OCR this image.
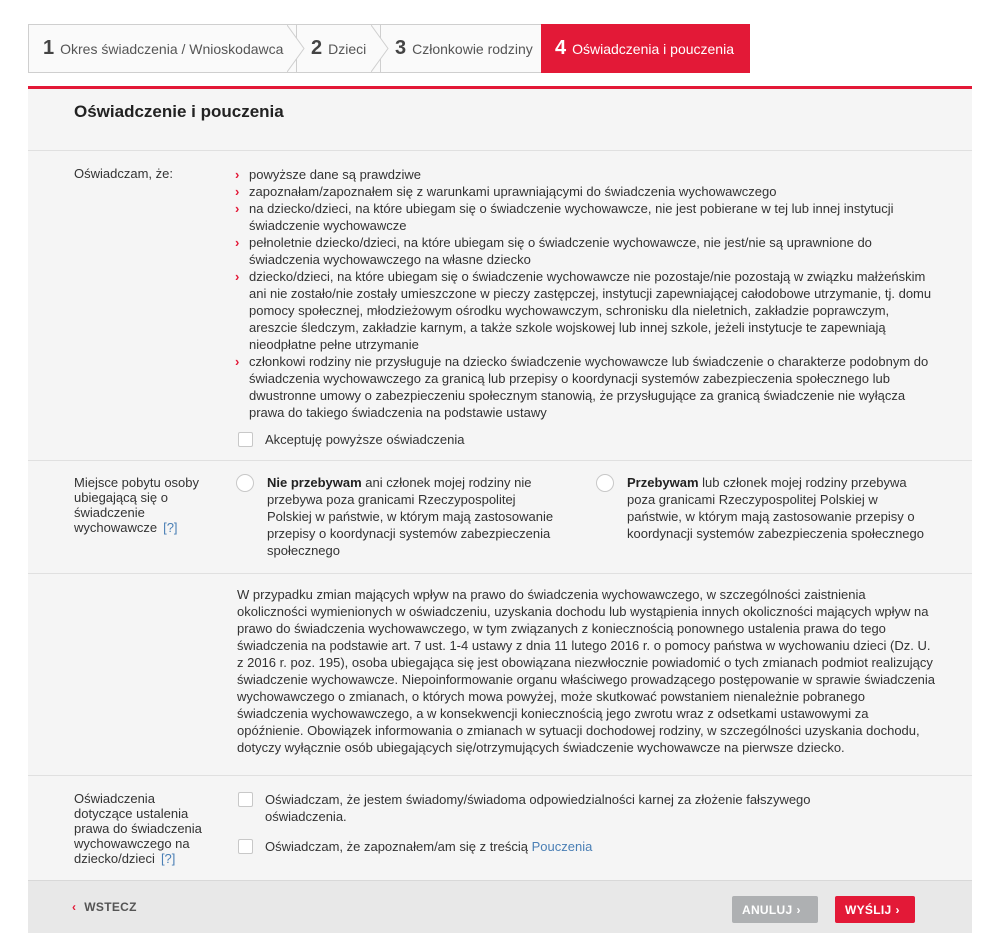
1 Okres świadczenia / Wnioskodawca 2 Dzieci 3 Członkowie rodziny 4 Oświadczenia i pouczenia
Oświadczenie i pouczenia
Oświadczam, że:	› powyższe dane są prawdziwe
› zapoznałam/zapoznałem się z warunkami uprawniającymi do świadczenia wychowawczego
› na dziecko/dzieci, na które ubiegam się o świadczenie wychowawcze, nie jest pobierane w tej lub innej instytucji świadczenie wychowawcze
› pełnoletnie dziecko/dzieci, na które ubiegam się o świadczenie wychowawcze, nie jest/nie są uprawnione do świadczenia wychowawczego na własne dziecko
› dziecko/dzieci, na które ubiegam się o świadczenie wychowawcze nie pozostaje/nie pozostają w związku małżeńskim ani nie zostało/nie zostały umieszczone w pieczy zastępczej, instytucji zapewniającej całodobowe utrzymanie, tj. domu pomocy społecznej, młodzieżowym ośrodku wychowawczym, schronisku dla nieletnich, zakładzie poprawczym, areszcie śledczym, zakładzie karnym, a także szkole wojskowej lub innej szkole, jeżeli instytucje te zapewniają nieodpłatne pełne utrzymanie
› członkowi rodziny nie przysługuje na dziecko świadczenie wychowawcze lub świadczenie o charakterze podobnym do świadczenia wychowawczego za granicą lub przepisy o koordynacji systemów zabezpieczenia społecznego lub dwustronne umowy o zabezpieczeniu społecznym stanowią, że przysługujące za granicą świadczenie nie wyłącza prawa do takiego świadczenia na podstawie ustawy
Akceptuję powyższe oświadczenia
Miejsce pobytu osoby ubiegającą się o świadczenie wychowawcze [?]
Nie przebywam ani członek mojej rodziny nie przebywa poza granicami Rzeczypospolitej Polskiej w państwie, w którym mają zastosowanie przepisy o koordynacji systemów zabezpieczenia społecznego
Przebywam lub członek mojej rodziny przebywa poza granicami Rzeczypospolitej Polskiej w państwie, w którym mają zastosowanie przepisy o koordynacji systemów zabezpieczenia społecznego
W przypadku zmian mających wpływ na prawo do świadczenia wychowawczego, w szczególności zaistnienia okoliczności wymienionych w oświadczeniu, uzyskania dochodu lub wystąpienia innych okoliczności mających wpływ na prawo do świadczenia wychowawczego, w tym związanych z koniecznością ponownego ustalenia prawa do tego świadczenia na podstawie art. 7 ust. 1-4 ustawy z dnia 11 lutego 2016 r. o pomocy państwa w wychowaniu dzieci (Dz. U. z 2016 r. poz. 195), osoba ubiegająca się jest obowiązana niezwłocznie powiadomić o tych zmianach podmiot realizujący świadczenie wychowawcze. Niepoinformowanie organu właściwego prowadzącego postępowanie w sprawie świadczenia wychowawczego o zmianach, o których mowa powyżej, może skutkować powstaniem nienależnie pobranego świadczenia wychowawczego, a w konsekwencji koniecznością jego zwrotu wraz z odsetkami ustawowymi za opóźnienie. Obowiązek informowania o zmianach w sytuacji dochodowej rodziny, w szczególności uzyskania dochodu, dotyczy wyłącznie osób ubiegających się/otrzymujących świadczenie wychowawcze na pierwsze dziecko.
Oświadczenia dotyczące ustalenia prawa do świadczenia wychowawczego na dziecko/dzieci [?]
Oświadczam, że jestem świadomy/świadoma odpowiedzialności karnej za złożenie fałszywego oświadczenia.
Oświadczam, że zapoznałem/am się z treścią Pouczenia
‹ WSTECZ	ANULUJ ›	WYŚLIJ ›
